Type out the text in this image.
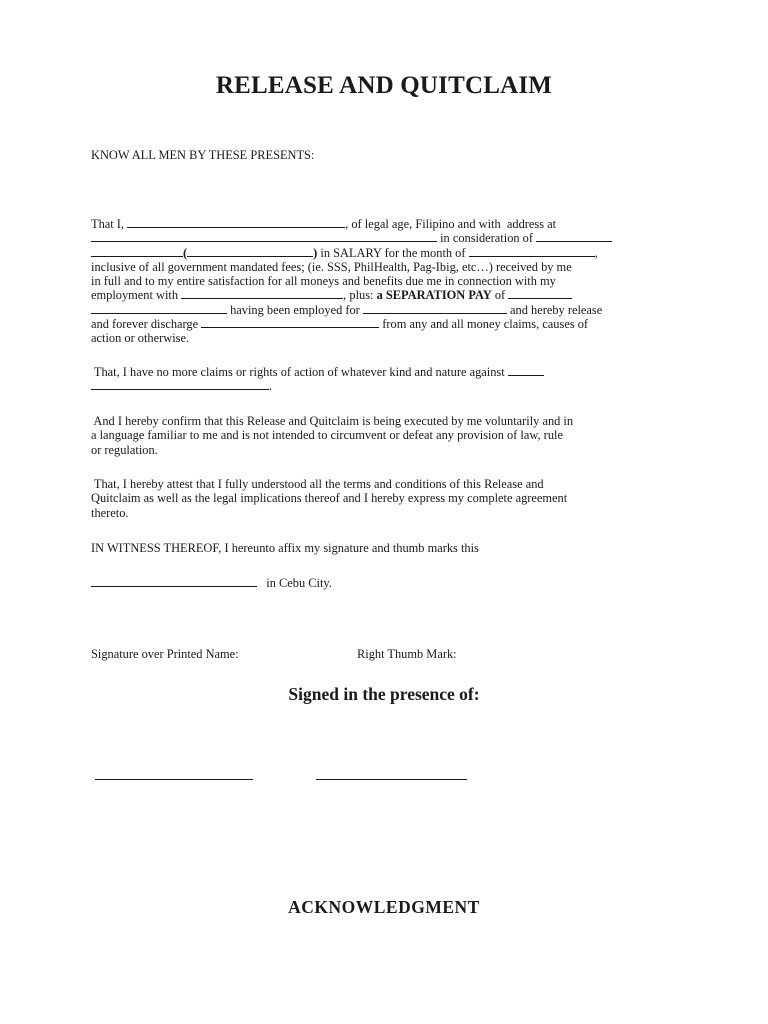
RELEASE AND QUITCLAIM
KNOW ALL MEN BY THESE PRESENTS:
That I,	, of legal age, Filipino and with  address at
in consideration of
(	) in SALARY for the month of	,
inclusive of all government mandated fees; (ie. SSS, PhilHealth, Pag-Ibig, etc…) received by me
in full and to my entire satisfaction for all moneys and benefits due me in connection with my
employment with	, plus: a SEPARATION PAY of
having been employed for	and hereby release
and forever discharge	from any and all money claims, causes of
action or otherwise.
That, I have no more claims or rights of action of whatever kind and nature against
.
And I hereby confirm that this Release and Quitclaim is being executed by me voluntarily and in
a language familiar to me and is not intended to circumvent or defeat any provision of law, rule
or regulation.
That, I hereby attest that I fully understood all the terms and conditions of this Release and
Quitclaim as well as the legal implications thereof and I hereby express my complete agreement
thereto.
IN WITNESS THEREOF, I hereunto affix my signature and thumb marks this
in Cebu City.
Signature over Printed Name:	Right Thumb Mark:
Signed in the presence of:
ACKNOWLEDGMENT
